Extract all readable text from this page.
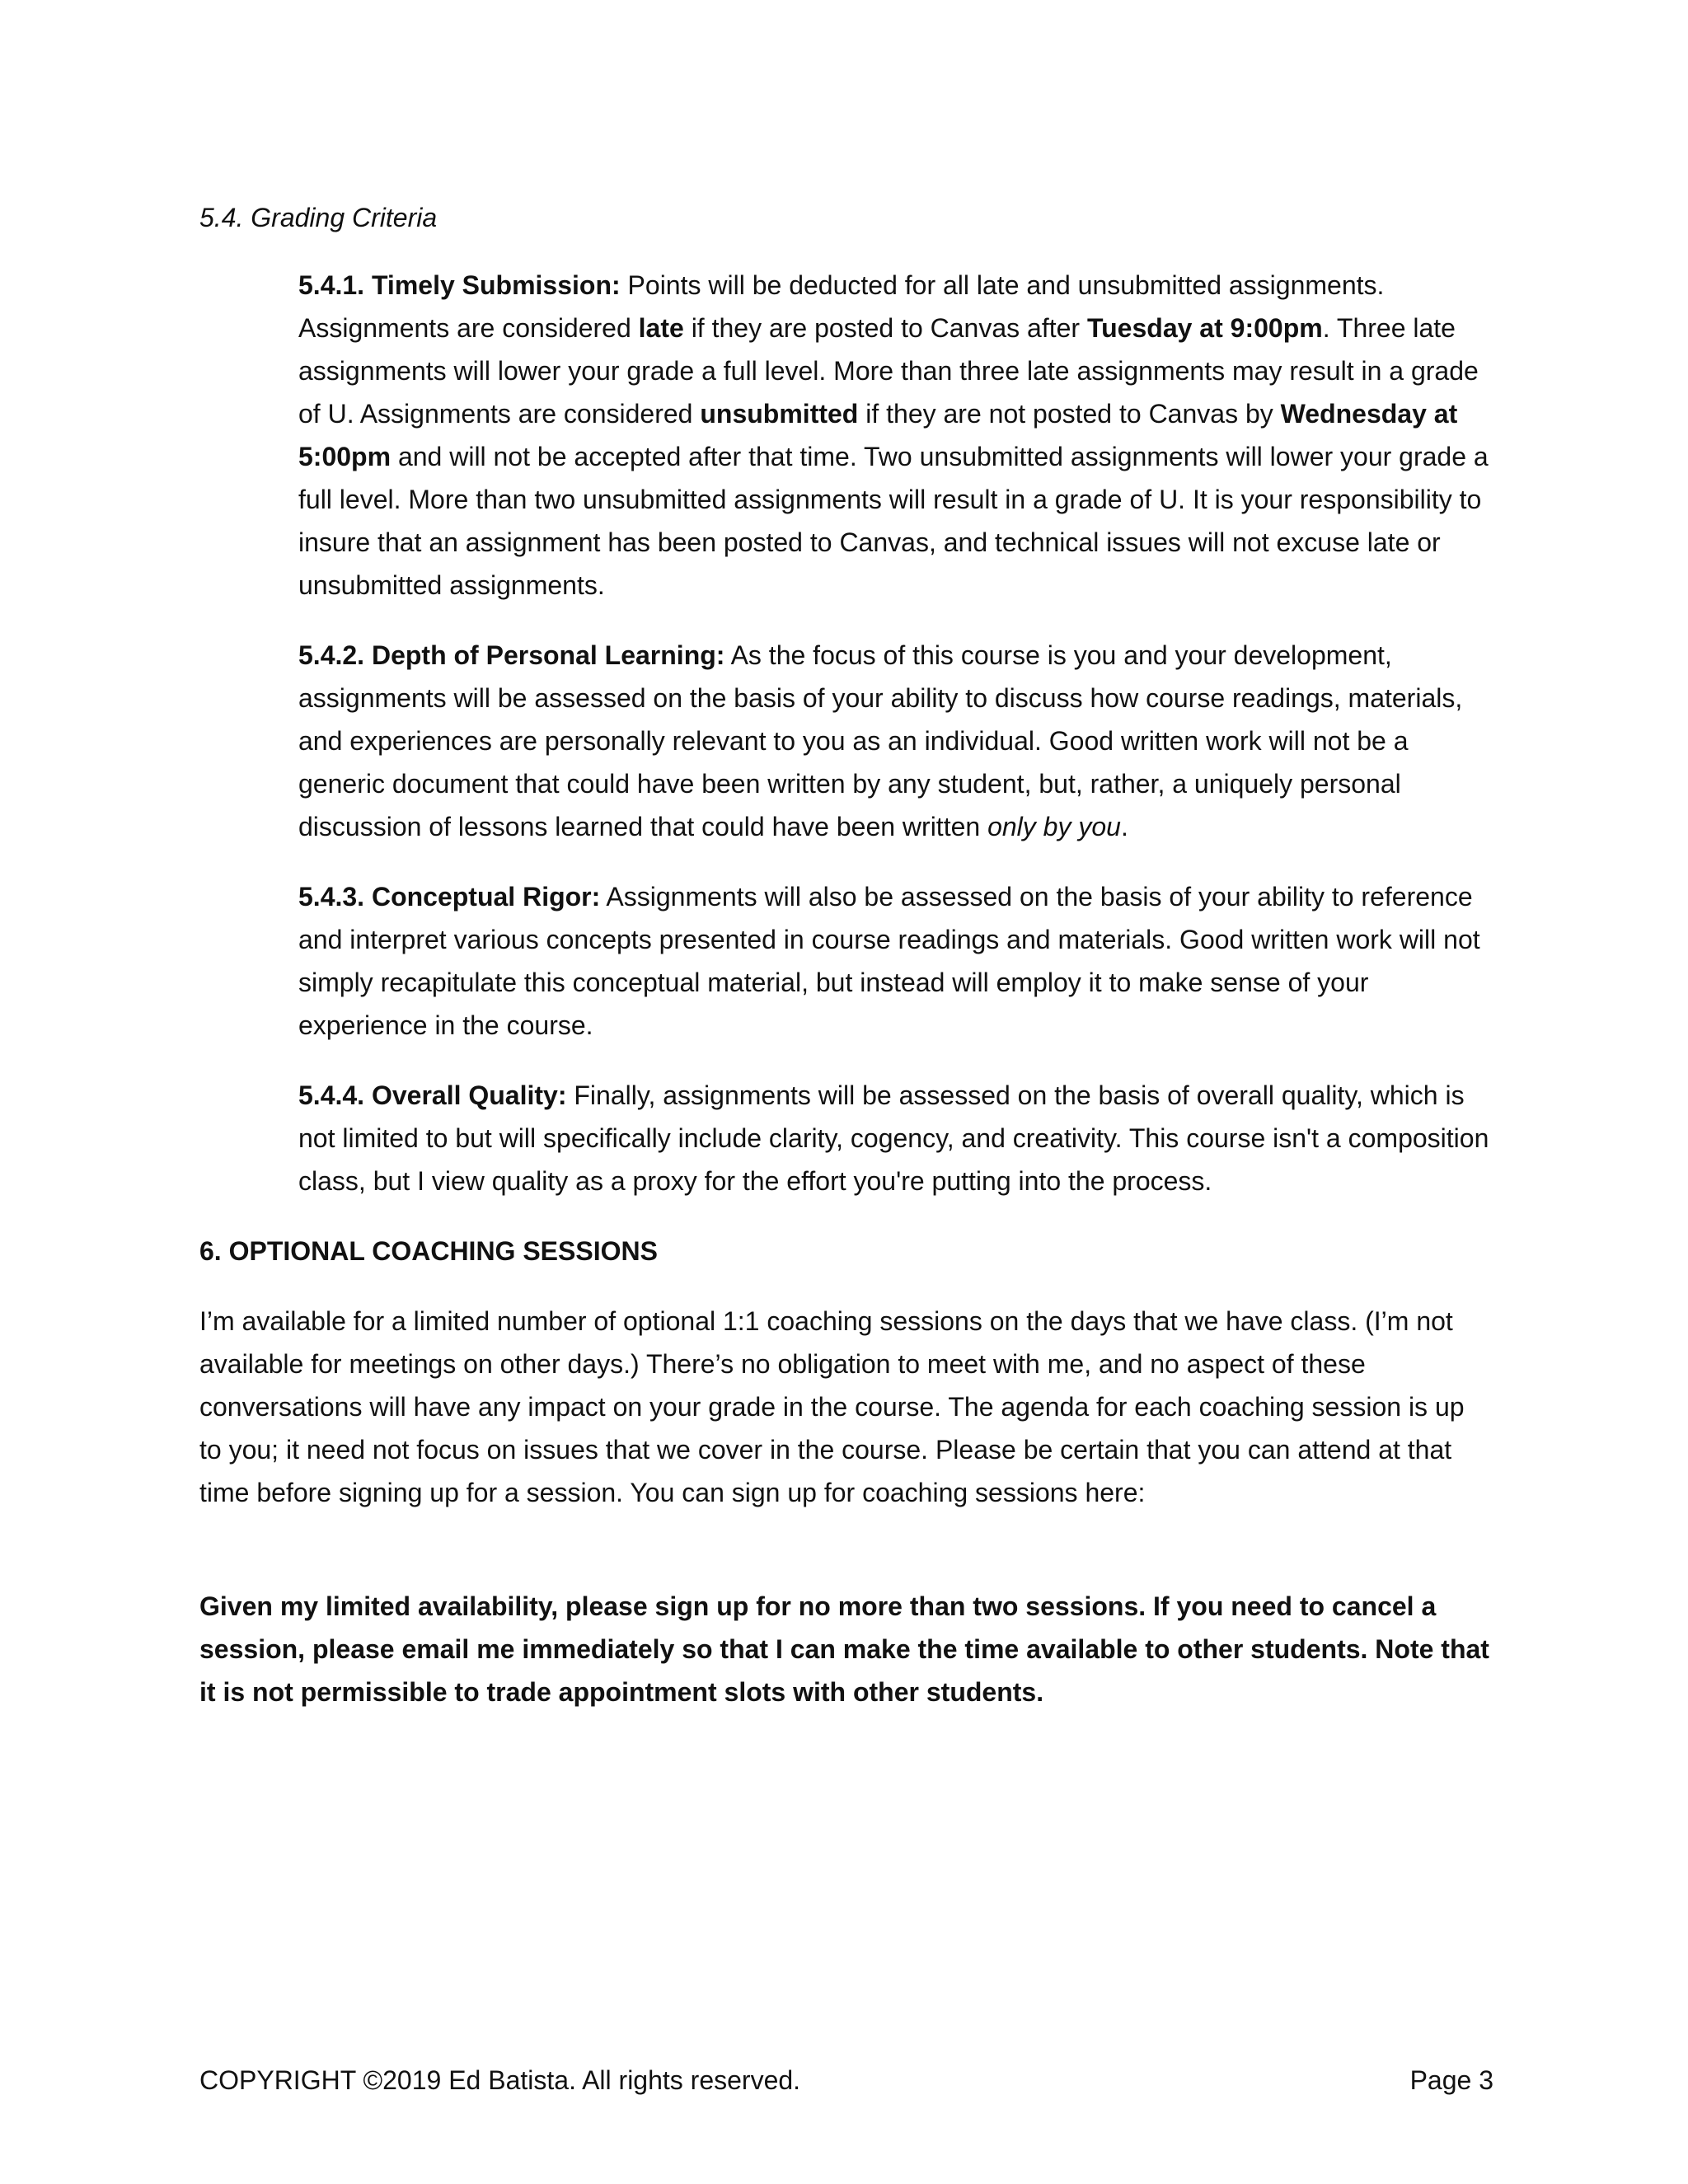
5.4. Grading Criteria

5.4.1. Timely Submission: Points will be deducted for all late and unsubmitted assignments. Assignments are considered late if they are posted to Canvas after Tuesday at 9:00pm. Three late assignments will lower your grade a full level. More than three late assignments may result in a grade of U. Assignments are considered unsubmitted if they are not posted to Canvas by Wednesday at 5:00pm and will not be accepted after that time. Two unsubmitted assignments will lower your grade a full level. More than two unsubmitted assignments will result in a grade of U. It is your responsibility to insure that an assignment has been posted to Canvas, and technical issues will not excuse late or unsubmitted assignments.

5.4.2. Depth of Personal Learning: As the focus of this course is you and your development, assignments will be assessed on the basis of your ability to discuss how course readings, materials, and experiences are personally relevant to you as an individual. Good written work will not be a generic document that could have been written by any student, but, rather, a uniquely personal discussion of lessons learned that could have been written only by you.

5.4.3. Conceptual Rigor: Assignments will also be assessed on the basis of your ability to reference and interpret various concepts presented in course readings and materials. Good written work will not simply recapitulate this conceptual material, but instead will employ it to make sense of your experience in the course.

5.4.4. Overall Quality: Finally, assignments will be assessed on the basis of overall quality, which is not limited to but will specifically include clarity, cogency, and creativity. This course isn't a composition class, but I view quality as a proxy for the effort you're putting into the process.

6. OPTIONAL COACHING SESSIONS

I’m available for a limited number of optional 1:1 coaching sessions on the days that we have class. (I’m not available for meetings on other days.) There’s no obligation to meet with me, and no aspect of these conversations will have any impact on your grade in the course. The agenda for each coaching session is up to you; it need not focus on issues that we cover in the course. Please be certain that you can attend at that time before signing up for a session. You can sign up for coaching sessions here:

Given my limited availability, please sign up for no more than two sessions. If you need to cancel a session, please email me immediately so that I can make the time available to other students. Note that it is not permissible to trade appointment slots with other students.

COPYRIGHT ©2019 Ed Batista. All rights reserved.	Page 3
